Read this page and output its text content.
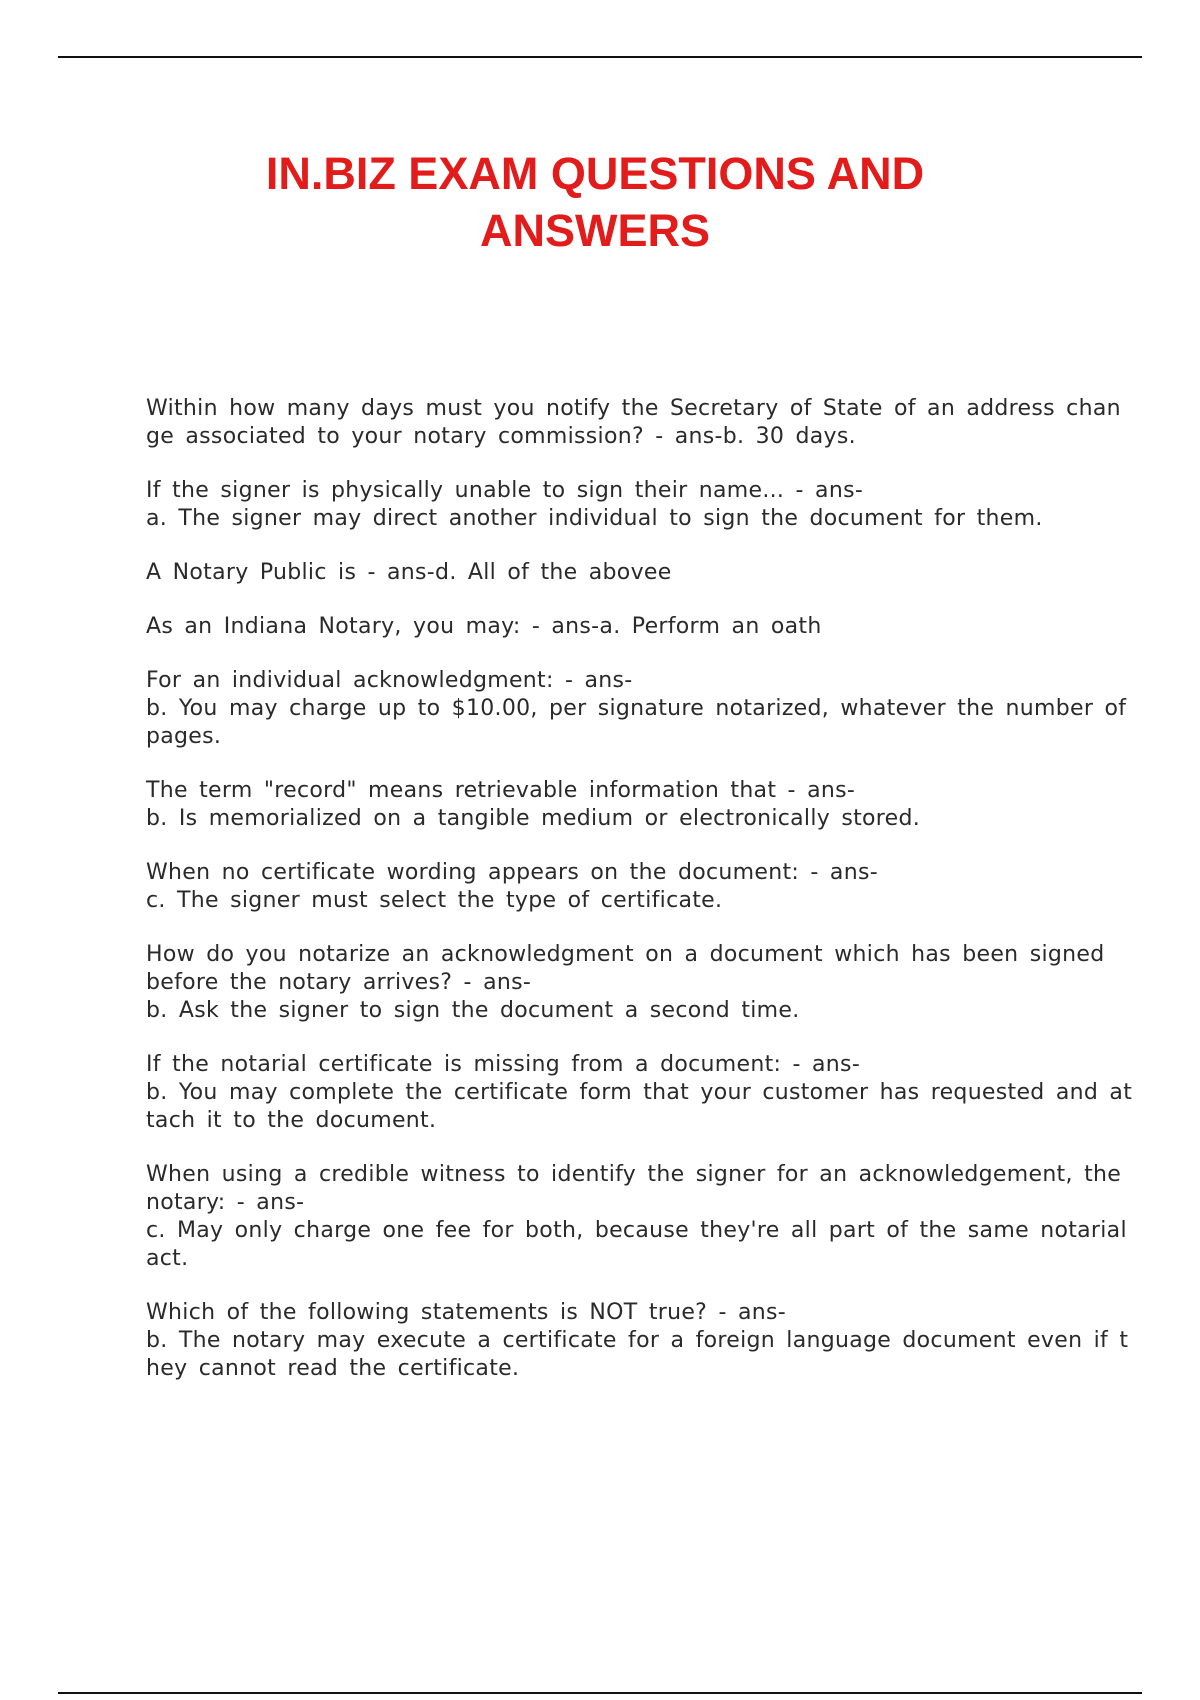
IN.BIZ EXAM QUESTIONS AND
ANSWERS

Within how many days must you notify the Secretary of State of an address chan
ge associated to your notary commission? - ans-b. 30 days.

If the signer is physically unable to sign their name... - ans-
a. The signer may direct another individual to sign the document for them.

A Notary Public is - ans-d. All of the abovee

As an Indiana Notary, you may: - ans-a. Perform an oath

For an individual acknowledgment: - ans-
b. You may charge up to $10.00, per signature notarized, whatever the number of
pages.

The term "record" means retrievable information that - ans-
b. Is memorialized on a tangible medium or electronically stored.

When no certificate wording appears on the document: - ans-
c. The signer must select the type of certificate.

How do you notarize an acknowledgment on a document which has been signed
before the notary arrives? - ans-
b. Ask the signer to sign the document a second time.

If the notarial certificate is missing from a document: - ans-
b. You may complete the certificate form that your customer has requested and at
tach it to the document.

When using a credible witness to identify the signer for an acknowledgement, the
notary: - ans-
c. May only charge one fee for both, because they're all part of the same notarial
act.

Which of the following statements is NOT true? - ans-
b. The notary may execute a certificate for a foreign language document even if t
hey cannot read the certificate.
